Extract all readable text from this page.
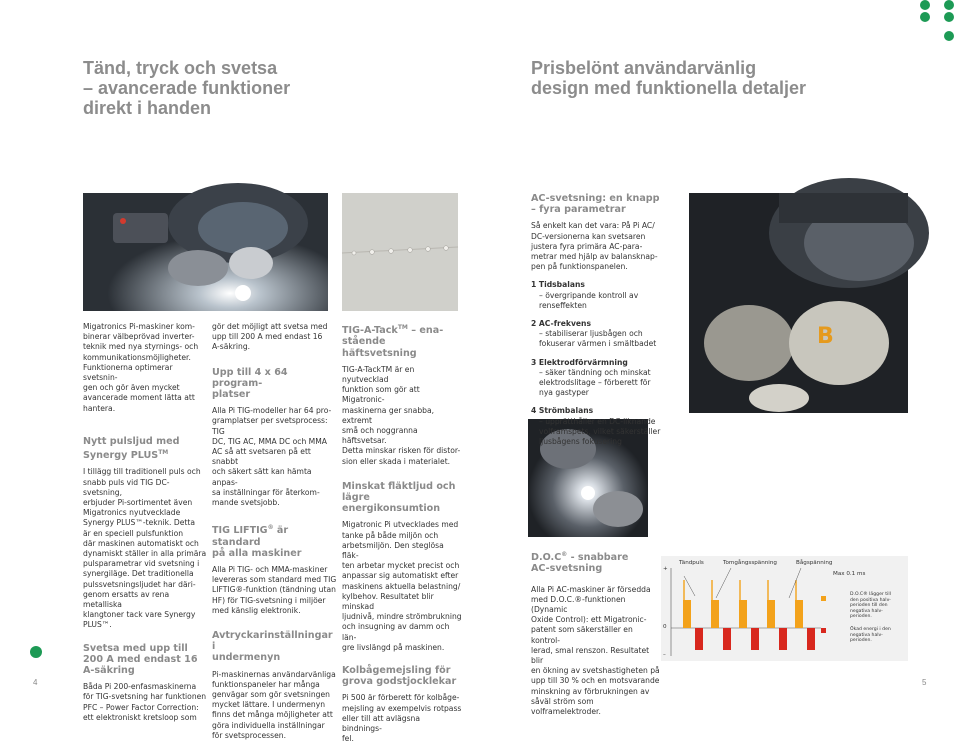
Tänd, tryck och svetsa
– avancerade funktioner
direkt i handen
Prisbelönt användarvänlig
design med funktionella detaljer
B

Migatronics Pi-maskiner kom-
binerar välbeprövad inverter-
teknik med nya styrnings- och
kommunikationsmöjligheter.
Funktionerna optimerar svetsnin-
gen och gör även mycket
avancerade moment lätta att
hantera.

Nytt pulsljud med
Synergy PLUS™

I tillägg till traditionell puls och
snabb puls vid TIG DC-svetsning,
erbjuder Pi-sortimentet även
Migatronics nyutvecklade
Synergy PLUS™-teknik. Detta
är en speciell pulsfunktion
där maskinen automatiskt och
dynamiskt ställer in alla primära
pulsparametrar vid svetsning i
synergiläge. Det traditionella
pulssvetsningsljudet har däri-
genom ersatts av rena metalliska
klangtoner tack vare Synergy
PLUS™.

Svetsa med upp till
200 A med endast 16
A-säkring

Båda Pi 200-enfasmaskinerna
för TIG-svetsning har funktionen
PFC – Power Factor Correction:
ett elektroniskt kretsloop som

gör det möjligt att svetsa med
upp till 200 A med endast 16
A-säkring.

Upp till 4 x 64 program-
platser

Alla Pi TIG-modeller har 64 pro-
gramplatser per svetsprocess: TIG
DC, TIG AC, MMA DC och MMA
AC så att svetsaren på ett snabbt
och säkert sätt kan hämta anpas-
sa inställningar för återkom-
mande svetsjobb.

TIG LIFTIG® är standard
på alla maskiner

Alla Pi TIG- och MMA-maskiner
levereras som standard med TIG
LIFTIG®-funktion (tändning utan
HF) för TIG-svetsning i miljöer
med känslig elektronik.

Avtryckarinställningar i
undermenyn

Pi-maskinernas användarvänliga
funktionspaneler har många
genvägar som gör svetsningen
mycket lättare. I undermenyn
finns det många möjligheter att
göra individuella inställningar
för svetsprocessen.

TIG-A-Tack™ – ena-
stående häftsvetsning

TIG-A-TackTM är en nyutvecklad
funktion som gör att Migatronic-
maskinerna ger snabba, extremt
små och noggranna häftsvetsar.
Detta minskar risken för distor-
sion eller skada i materialet.

Minskat fläktljud och
lägre energikonsumtion

Migatronic Pi utvecklades med
tanke på både miljön och
arbetsmiljön. Den steglösa fläk-
ten arbetar mycket precist och
anpassar sig automatiskt efter
maskinens aktuella belastning/
kylbehov. Resultatet blir minskad
ljudnivå, mindre strömbrukning
och insugning av damm och län-
gre livslängd på maskinen.

Kolbågemejsling för
grova godstjocklekar

Pi 500 är förberett för kolbåge-
mejsling av exempelvis rotpass
eller till att avlägsna bindnings-
fel.

AC-svetsning: en knapp
– fyra parametrar

Så enkelt kan det vara: På Pi AC/
DC-versionerna kan svetsaren
justera fyra primära AC-para-
metrar med hjälp av balansknap-
pen på funktionspanelen.

1 Tidsbalans
– övergripande kontroll av
renseffekten
2 AC-frekvens
– stabiliserar ljusbågen och
fokuserar värmen i smältbadet
3 Elektrodförvärmning
– säker tändning och minskat
elektrodslitage – förberett för
nya gastyper
4 Strömbalans
– upprätthåller en DC-liknande
volframspets, vilket säkerställer
ljusbågens fokusering
D.O.C® - snabbare
AC-svetsning

Alla Pi AC-maskiner är försedda
med D.O.C.®-funktionen (Dynamic
Oxide Control): ett Migatronic-
patent som säkerställer en kontrol-
lerad, smal renszon. Resultatet blir
en ökning av svetshastigheten på
upp till 30 % och en motsvarande
minskning av förbrukningen av
såväl ström som volframelektroder.

Tändpuls	Tomgångsspänning	Bågspänning
Max 0.1 ms
+
0
–
D.O.C® lägger till
den positiva halv-
perioden till den
negativa halv-
perioden.
Ökad energi i den
negativa halv-
perioden.
4	5
